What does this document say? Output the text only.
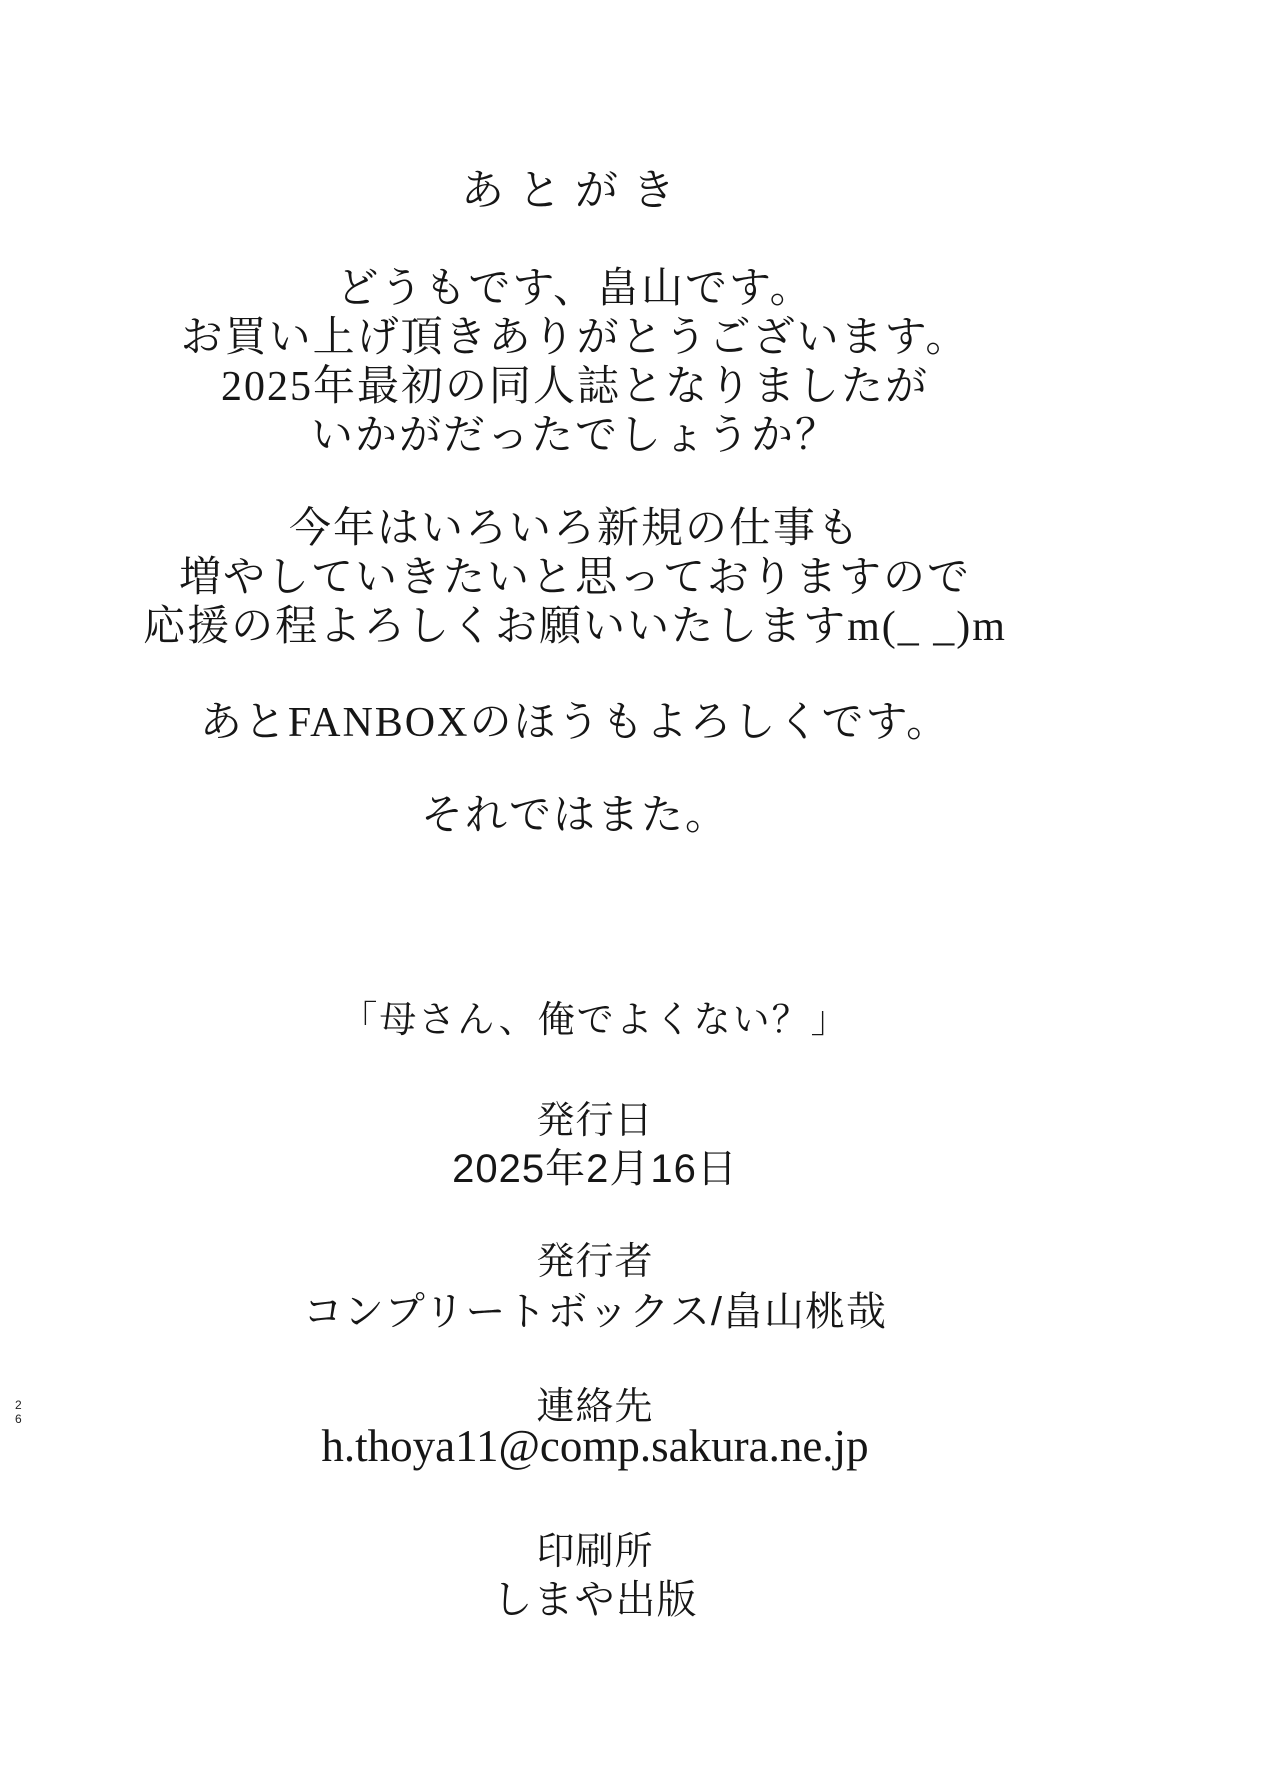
あとがき
どうもです、畠山です。
お買い上げ頂きありがとうございます。
2025年最初の同人誌となりましたが
いかがだったでしょうか？
今年はいろいろ新規の仕事も
増やしていきたいと思っておりますので
応援の程よろしくお願いいたしますm(_ _)m
あとFANBOXのほうもよろしくです。
それではまた。
「母さん、俺でよくない？」
発行日
2025年2月16日
発行者
コンプリートボックス/畠山桃哉
連絡先
h.thoya11@comp.sakura.ne.jp
印刷所
しまや出版
26
